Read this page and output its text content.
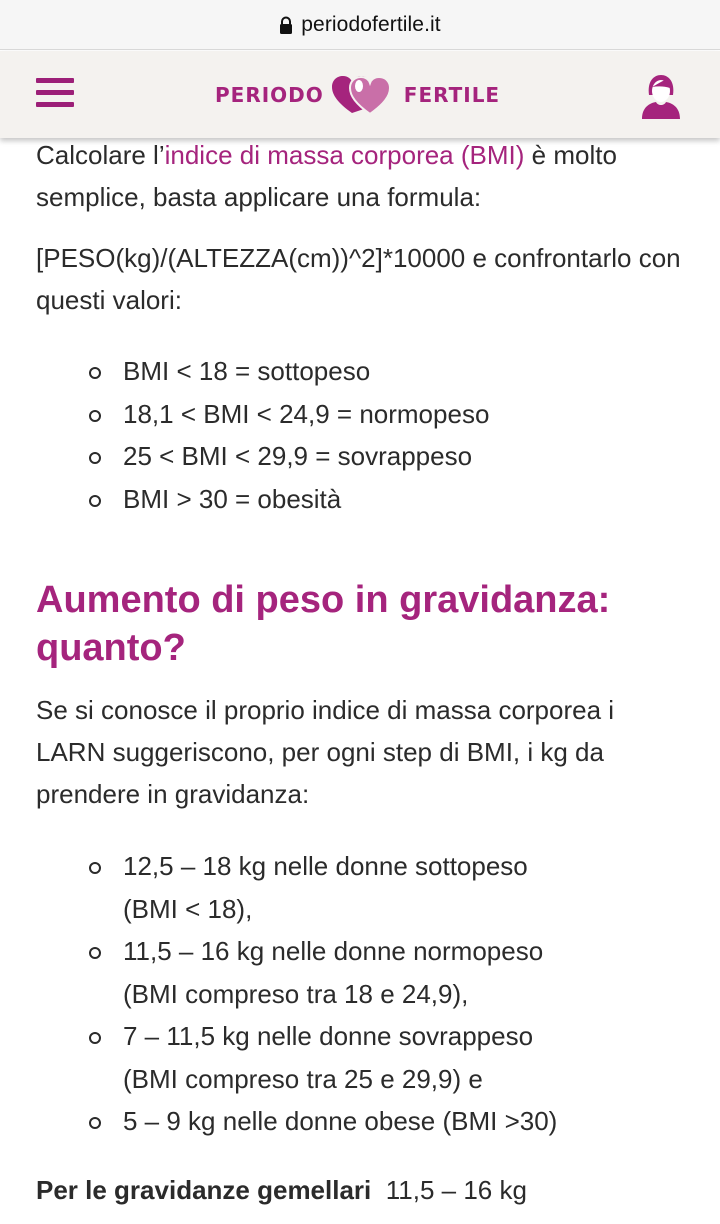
periodofertile.it
PERIODO	FERTILE

Calcolare l’indice di massa corporea (BMI) è molto semplice, basta applicare una formula:

[PESO(kg)/(ALTEZZA(cm))^2]*10000 e confrontarlo con questi valori:

BMI < 18 = sottopeso
18,1 < BMI < 24,9 = normopeso
25 < BMI < 29,9 = sovrappeso
BMI > 30 = obesità
Aumento di peso in gravidanza: quanto?

Se si conosce il proprio indice di massa corporea i LARN suggeriscono, per ogni step di BMI, i kg da prendere in gravidanza:

12,5 – 18 kg nelle donne sottopeso
(BMI < 18),
11,5 – 16 kg nelle donne normopeso
(BMI compreso tra 18 e 24,9),
7 – 11,5 kg nelle donne sovrappeso
(BMI compreso tra 25 e 29,9) e
5 – 9 kg nelle donne obese (BMI >30)

Per le gravidanze gemellari 11,5 – 16 kg
